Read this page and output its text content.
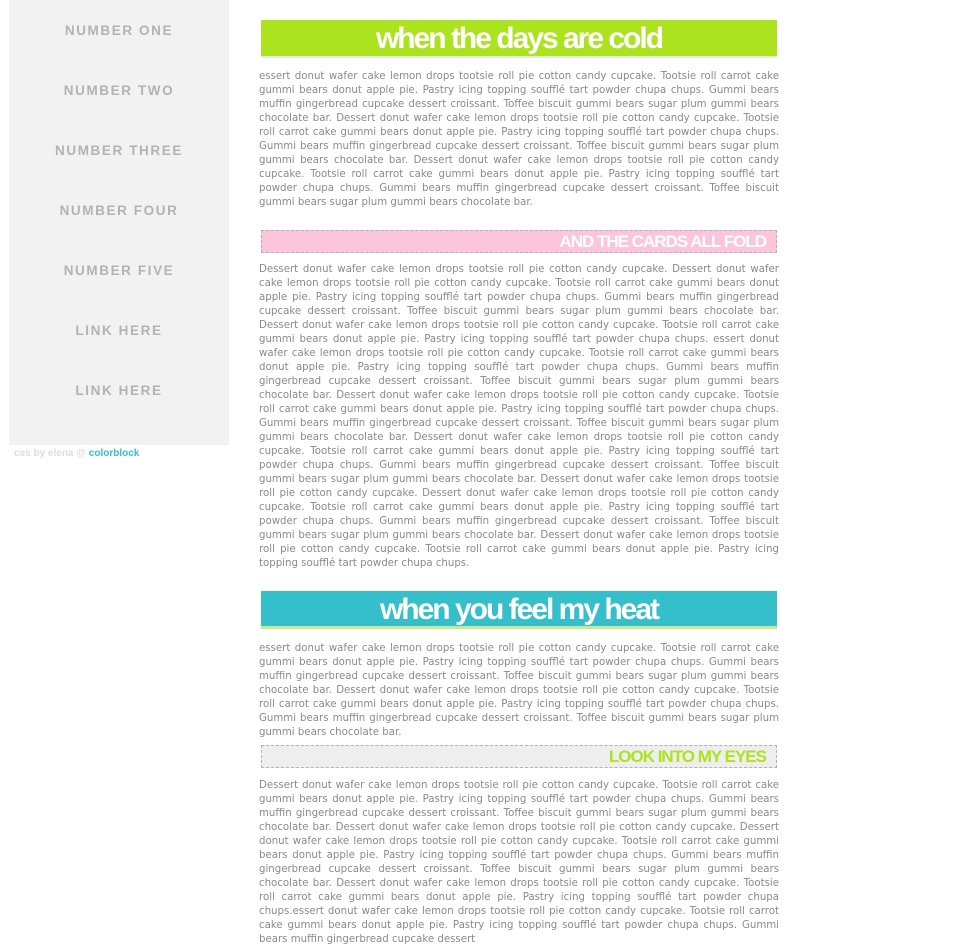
NUMBER ONE
NUMBER TWO
NUMBER THREE
NUMBER FOUR
NUMBER FIVE
LINK HERE
LINK HERE
css by elena @ colorblock
when the days are cold
essert donut wafer cake lemon drops tootsie roll pie cotton candy cupcake. Tootsie roll carrot cake gummi bears donut apple pie. Pastry icing topping soufflé tart powder chupa chups. Gummi bears muffin gingerbread cupcake dessert croissant. Toffee biscuit gummi bears sugar plum gummi bears chocolate bar. Dessert donut wafer cake lemon drops tootsie roll pie cotton candy cupcake. Tootsie roll carrot cake gummi bears donut apple pie. Pastry icing topping soufflé tart powder chupa chups. Gummi bears muffin gingerbread cupcake dessert croissant. Toffee biscuit gummi bears sugar plum gummi bears chocolate bar. Dessert donut wafer cake lemon drops tootsie roll pie cotton candy cupcake. Tootsie roll carrot cake gummi bears donut apple pie. Pastry icing topping soufflé tart powder chupa chups. Gummi bears muffin gingerbread cupcake dessert croissant. Toffee biscuit gummi bears sugar plum gummi bears chocolate bar.
AND THE CARDS ALL FOLD
Dessert donut wafer cake lemon drops tootsie roll pie cotton candy cupcake. Dessert donut wafer cake lemon drops tootsie roll pie cotton candy cupcake. Tootsie roll carrot cake gummi bears donut apple pie. Pastry icing topping soufflé tart powder chupa chups. Gummi bears muffin gingerbread cupcake dessert croissant. Toffee biscuit gummi bears sugar plum gummi bears chocolate bar. Dessert donut wafer cake lemon drops tootsie roll pie cotton candy cupcake. Tootsie roll carrot cake gummi bears donut apple pie. Pastry icing topping soufflé tart powder chupa chups. essert donut wafer cake lemon drops tootsie roll pie cotton candy cupcake. Tootsie roll carrot cake gummi bears donut apple pie. Pastry icing topping soufflé tart powder chupa chups. Gummi bears muffin gingerbread cupcake dessert croissant. Toffee biscuit gummi bears sugar plum gummi bears chocolate bar. Dessert donut wafer cake lemon drops tootsie roll pie cotton candy cupcake. Tootsie roll carrot cake gummi bears donut apple pie. Pastry icing topping soufflé tart powder chupa chups. Gummi bears muffin gingerbread cupcake dessert croissant. Toffee biscuit gummi bears sugar plum gummi bears chocolate bar. Dessert donut wafer cake lemon drops tootsie roll pie cotton candy cupcake. Tootsie roll carrot cake gummi bears donut apple pie. Pastry icing topping soufflé tart powder chupa chups. Gummi bears muffin gingerbread cupcake dessert croissant. Toffee biscuit gummi bears sugar plum gummi bears chocolate bar. Dessert donut wafer cake lemon drops tootsie roll pie cotton candy cupcake. Dessert donut wafer cake lemon drops tootsie roll pie cotton candy cupcake. Tootsie roll carrot cake gummi bears donut apple pie. Pastry icing topping soufflé tart powder chupa chups. Gummi bears muffin gingerbread cupcake dessert croissant. Toffee biscuit gummi bears sugar plum gummi bears chocolate bar. Dessert donut wafer cake lemon drops tootsie roll pie cotton candy cupcake. Tootsie roll carrot cake gummi bears donut apple pie. Pastry icing topping soufflé tart powder chupa chups.
when you feel my heat
essert donut wafer cake lemon drops tootsie roll pie cotton candy cupcake. Tootsie roll carrot cake gummi bears donut apple pie. Pastry icing topping soufflé tart powder chupa chups. Gummi bears muffin gingerbread cupcake dessert croissant. Toffee biscuit gummi bears sugar plum gummi bears chocolate bar. Dessert donut wafer cake lemon drops tootsie roll pie cotton candy cupcake. Tootsie roll carrot cake gummi bears donut apple pie. Pastry icing topping soufflé tart powder chupa chups. Gummi bears muffin gingerbread cupcake dessert croissant. Toffee biscuit gummi bears sugar plum gummi bears chocolate bar.
LOOK INTO MY EYES
Dessert donut wafer cake lemon drops tootsie roll pie cotton candy cupcake. Tootsie roll carrot cake gummi bears donut apple pie. Pastry icing topping soufflé tart powder chupa chups. Gummi bears muffin gingerbread cupcake dessert croissant. Toffee biscuit gummi bears sugar plum gummi bears chocolate bar. Dessert donut wafer cake lemon drops tootsie roll pie cotton candy cupcake. Dessert donut wafer cake lemon drops tootsie roll pie cotton candy cupcake. Tootsie roll carrot cake gummi bears donut apple pie. Pastry icing topping soufflé tart powder chupa chups. Gummi bears muffin gingerbread cupcake dessert croissant. Toffee biscuit gummi bears sugar plum gummi bears chocolate bar. Dessert donut wafer cake lemon drops tootsie roll pie cotton candy cupcake. Tootsie roll carrot cake gummi bears donut apple pie. Pastry icing topping soufflé tart powder chupa chups.essert donut wafer cake lemon drops tootsie roll pie cotton candy cupcake. Tootsie roll carrot cake gummi bears donut apple pie. Pastry icing topping soufflé tart powder chupa chups. Gummi bears muffin gingerbread cupcake dessert
